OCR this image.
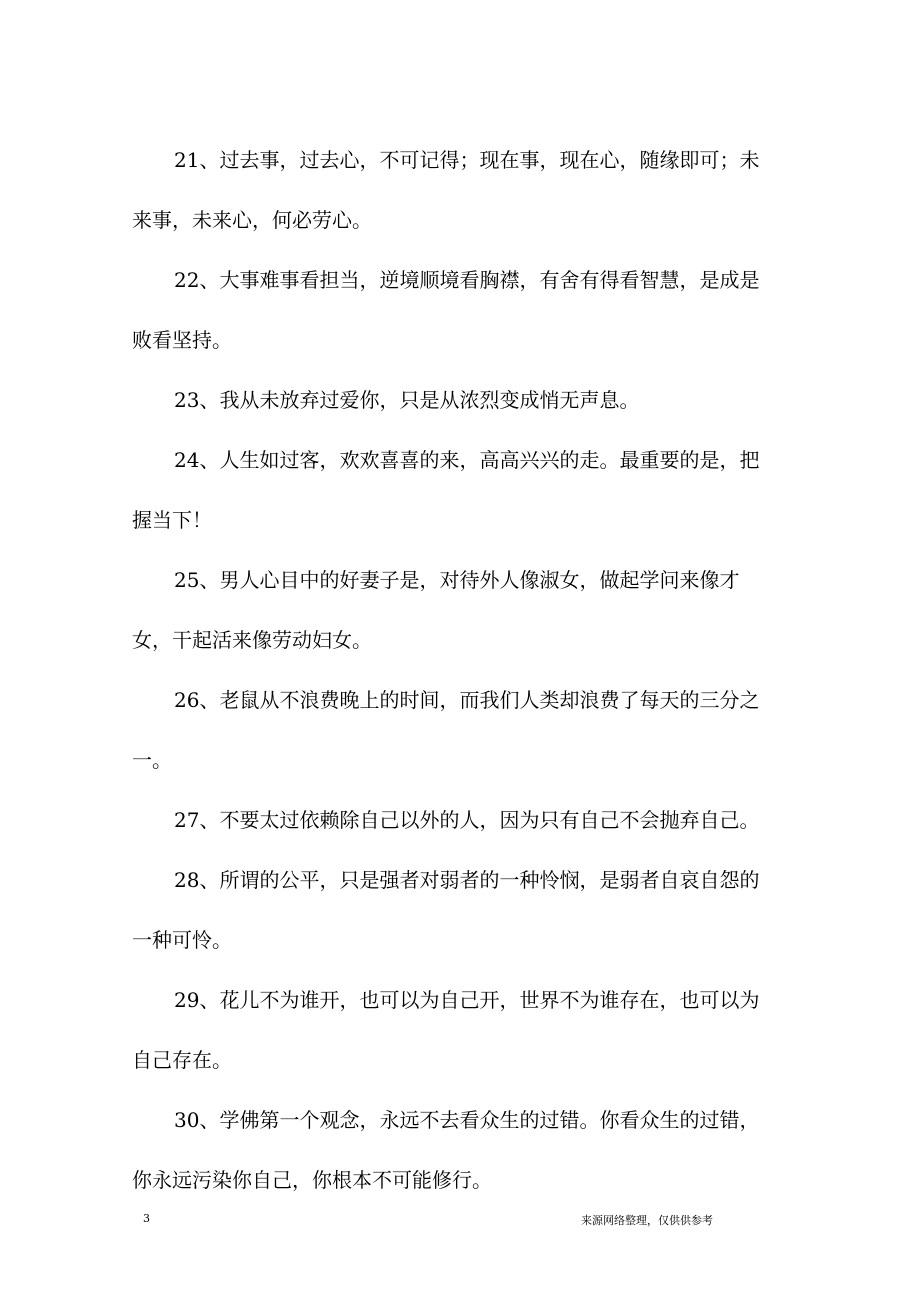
21、过去事，过去心，不可记得；现在事，现在心，随缘即可；未来事，未来心，何必劳心。

22、大事难事看担当，逆境顺境看胸襟，有舍有得看智慧，是成是败看坚持。

23、我从未放弃过爱你，只是从浓烈变成悄无声息。

24、人生如过客，欢欢喜喜的来，高高兴兴的走。最重要的是，把握当下！

25、男人心目中的好妻子是，对待外人像淑女，做起学问来像才女，干起活来像劳动妇女。

26、老鼠从不浪费晚上的时间，而我们人类却浪费了每天的三分之一。

27、不要太过依赖除自己以外的人，因为只有自己不会抛弃自己。

28、所谓的公平，只是强者对弱者的一种怜悯，是弱者自哀自怨的一种可怜。

29、花儿不为谁开，也可以为自己开，世界不为谁存在，也可以为自己存在。

30、学佛第一个观念，永远不去看众生的过错。你看众生的过错，你永远污染你自己，你根本不可能修行。

3	来源网络整理，仅供供参考
